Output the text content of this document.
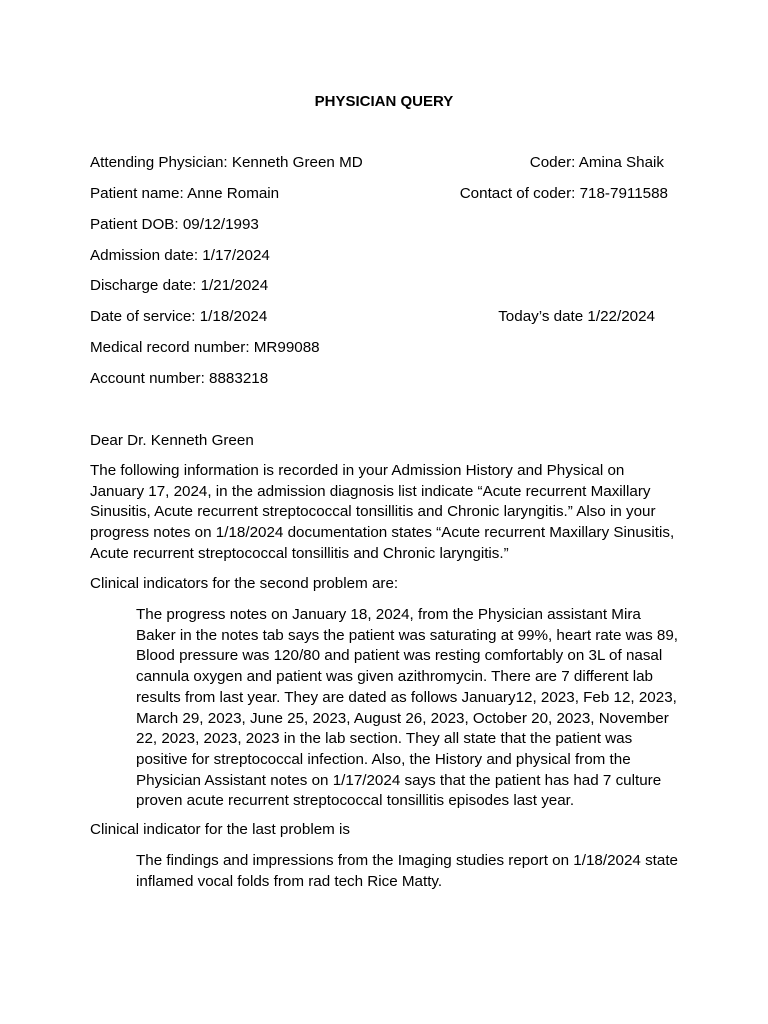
PHYSICIAN QUERY
Attending Physician: Kenneth Green MD	Coder: Amina Shaik
Patient name: Anne Romain	Contact of coder: 718-7911588
Patient DOB: 09/12/1993
Admission date: 1/17/2024
Discharge date: 1/21/2024
Date of service: 1/18/2024	Today’s date 1/22/2024
Medical record number: MR99088
Account number: 8883218
Dear Dr. Kenneth Green

The following information is recorded in your Admission History and Physical on January 17, 2024, in the admission diagnosis list indicate “Acute recurrent Maxillary Sinusitis, Acute recurrent streptococcal tonsillitis and Chronic laryngitis.” Also in your progress notes on 1/18/2024 documentation states “Acute recurrent Maxillary Sinusitis, Acute recurrent streptococcal tonsillitis and Chronic laryngitis.”

Clinical indicators for the second problem are:

The progress notes on January 18, 2024, from the Physician assistant Mira Baker in the notes tab says the patient was saturating at 99%, heart rate was 89, Blood pressure was 120/80 and patient was resting comfortably on 3L of nasal cannula oxygen and patient was given azithromycin. There are 7 different lab results from last year. They are dated as follows January12, 2023, Feb 12, 2023, March 29, 2023, June 25, 2023, August 26, 2023, October 20, 2023, November 22, 2023, 2023, 2023 in the lab section. They all state that the patient was positive for streptococcal infection. Also, the History and physical from the Physician Assistant notes on 1/17/2024 says that the patient has had 7 culture proven acute recurrent streptococcal tonsillitis episodes last year.

Clinical indicator for the last problem is

The findings and impressions from the Imaging studies report on 1/18/2024 state inflamed vocal folds from rad tech Rice Matty.
